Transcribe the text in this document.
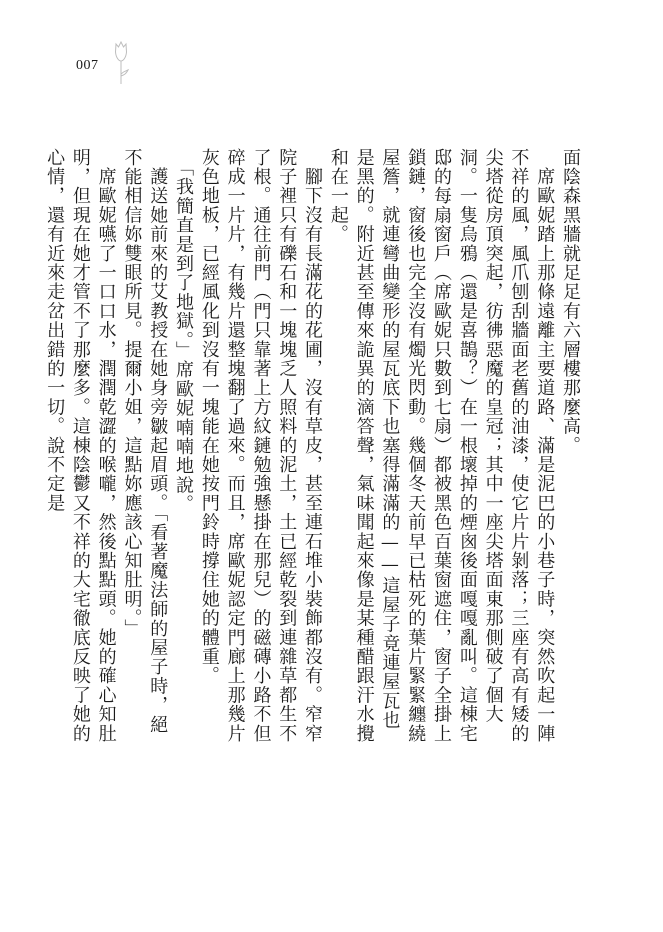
007

面陰森黑牆就足足有六層樓那麼高。

　席歐妮踏上那條遠離主要道路、滿是泥巴的小巷子時，突然吹起一陣不祥的風，風爪刨刮牆面老舊的油漆，使它片片剝落；三座有高有矮的尖塔從房頂突起，彷彿惡魔的皇冠；其中一座尖塔面東那側破了個大洞。一隻烏鴉（還是喜鵲？）在一根壞掉的煙囪後面嘎嘎亂叫。這棟宅邸的每扇窗戶（席歐妮只數到七扇）都被黑色百葉窗遮住，窗子全掛上鎖鏈，窗後也完全沒有燭光閃動。幾個冬天前早已枯死的葉片緊緊纏繞屋簷，就連彎曲變形的屋瓦底下也塞得滿滿的——這屋子竟連屋瓦也是黑的。附近甚至傳來詭異的滴答聲，氣味聞起來像是某種醋跟汗水攪和在一起。

　腳下沒有長滿花的花圃，沒有草皮，甚至連石堆小裝飾都沒有。窄窄院子裡只有礫石和一塊塊乏人照料的泥土，土已經乾裂到連雜草都生不了根。通往前門（門只靠著上方紋鏈勉強懸掛在那兒）的磁磚小路不但碎成一片片，有幾片還整塊翻了過來。而且，席歐妮認定門廊上那幾片灰色地板，已經風化到沒有一塊能在她按門鈴時撐住她的體重。

　「我簡直是到了地獄。」席歐妮喃喃地說。

　護送她前來的艾教授在她身旁皺起眉頭。「看著魔法師的屋子時，絕不能相信妳雙眼所見。提爾小姐，這點妳應該心知肚明。」

　席歐妮嚥了一口口水，潤潤乾澀的喉嚨，然後點點頭。她的確心知肚明，但現在她才管不了那麼多。這棟陰鬱又不祥的大宅徹底反映了她的心情，還有近來走岔出錯的一切。說不定是
